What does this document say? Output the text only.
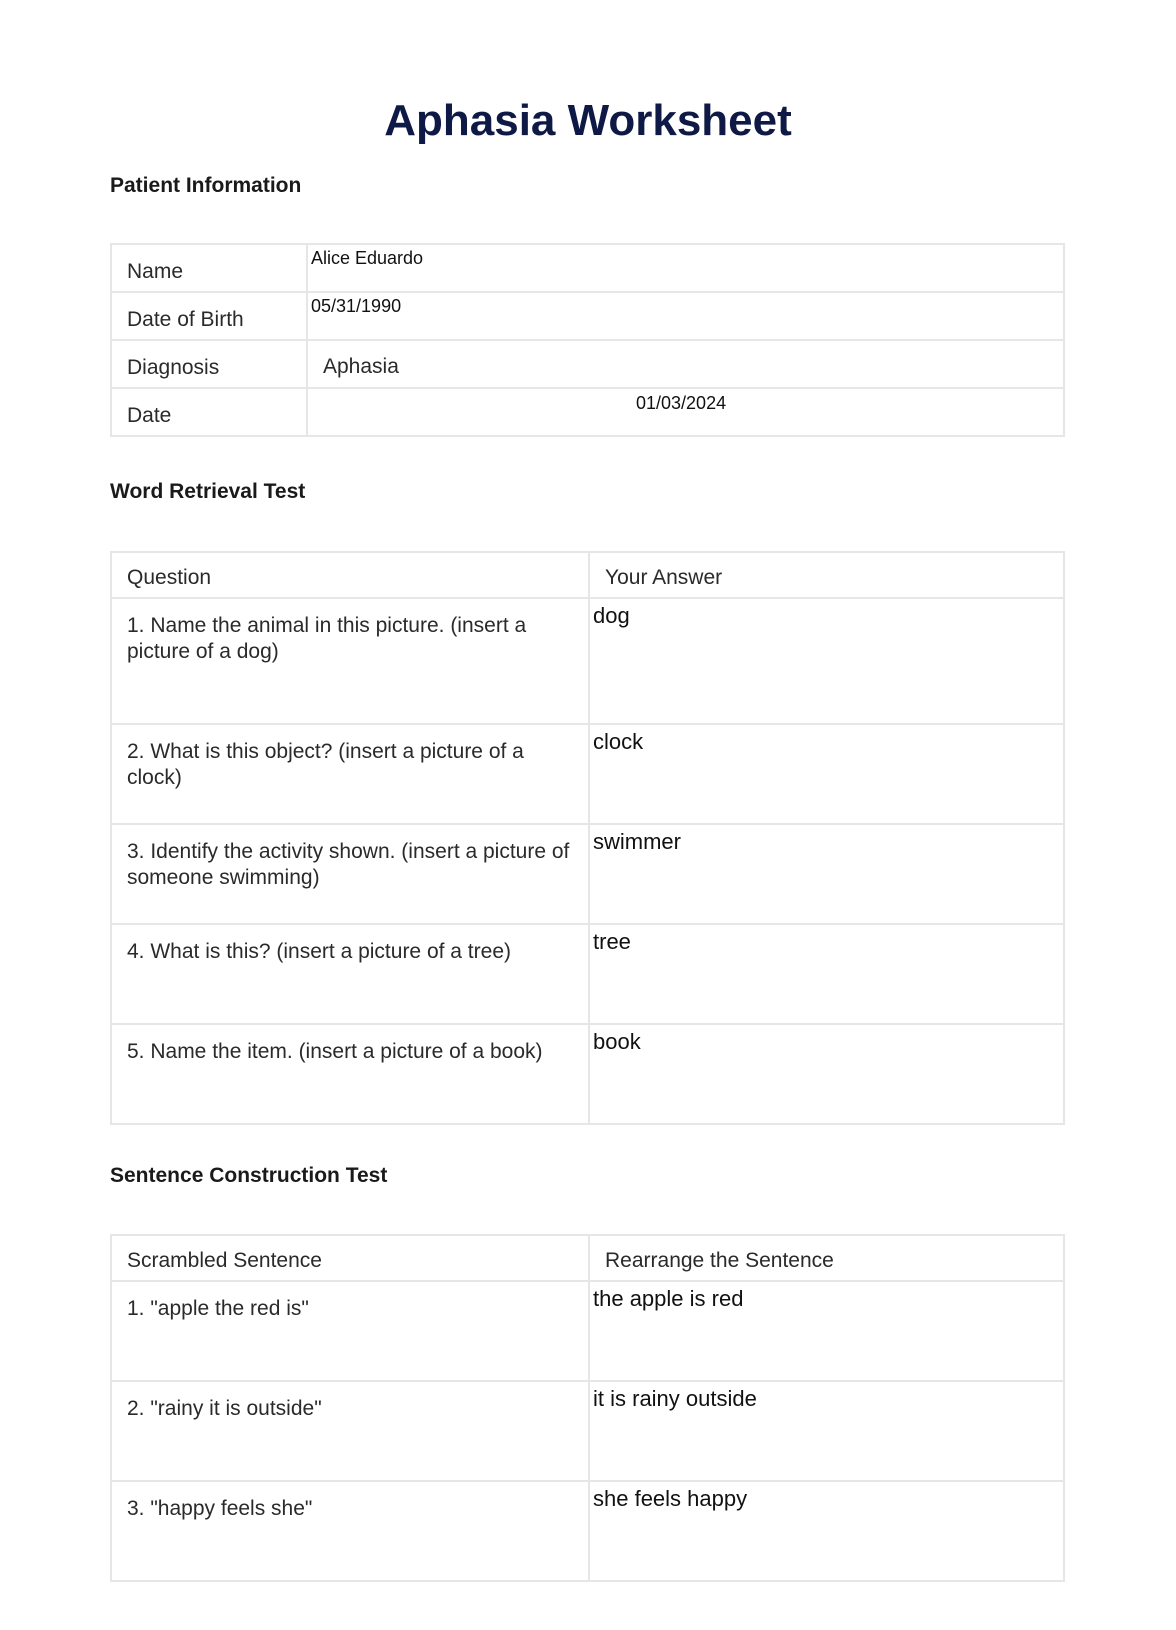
Aphasia Worksheet
Patient Information
Name	Alice Eduardo

Date of Birth	05/31/1990

Diagnosis	Aphasia

Date	01/03/2024
Word Retrieval Test
Question	Your Answer
1. Name the animal in this picture. (insert a picture of a dog)	dog
2. What is this object? (insert a picture of a clock)	clock
3. Identify the activity shown. (insert a picture of someone swimming)	swimmer
4. What is this? (insert a picture of a tree)	tree
5. Name the item. (insert a picture of a book)	book
Sentence Construction Test
Scrambled Sentence	Rearrange the Sentence
1. "apple the red is"	the apple is red
2. "rainy it is outside"	it is rainy outside
3. "happy feels she"	she feels happy
